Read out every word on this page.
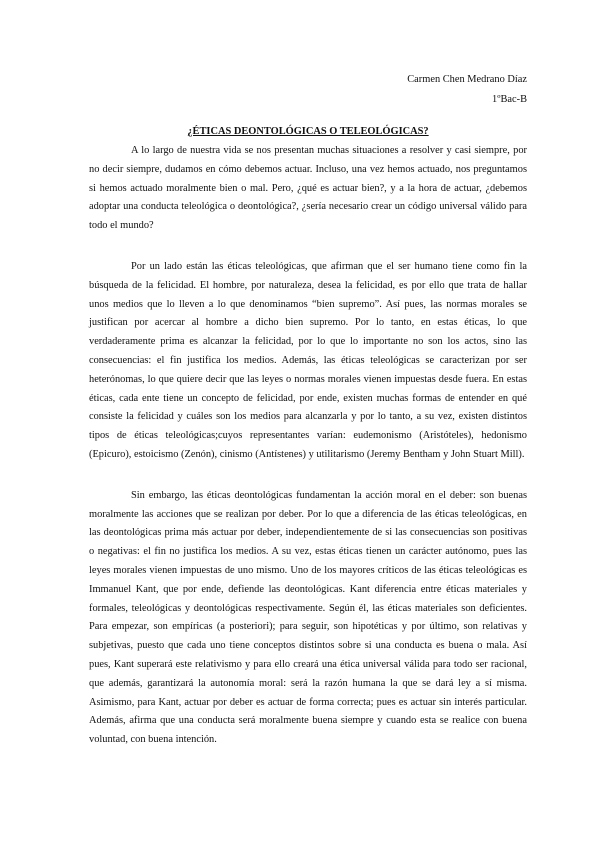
Carmen Chen Medrano Díaz
1ºBac-B
¿ÉTICAS DEONTOLÓGICAS O TELEOLÓGICAS?

A lo largo de nuestra vida se nos presentan muchas situaciones a resolver y casi siempre, por no decir siempre, dudamos en cómo debemos actuar. Incluso, una vez hemos actuado, nos preguntamos si hemos actuado moralmente bien o mal. Pero, ¿qué es actuar bien?, y a la hora de actuar, ¿debemos adoptar una conducta teleológica o deontológica?, ¿sería necesario crear un código universal válido para todo el mundo?

Por un lado están las éticas teleológicas, que afirman que el ser humano tiene como fin la búsqueda de la felicidad. El hombre, por naturaleza, desea la felicidad, es por ello que trata de hallar unos medios que lo lleven a lo que denominamos “bien supremo”. Así pues, las normas morales se justifican por acercar al hombre a dicho bien supremo. Por lo tanto, en estas éticas, lo que verdaderamente prima es alcanzar la felicidad, por lo que lo importante no son los actos, sino las consecuencias: el fin justifica los medios. Además, las éticas teleológicas se caracterizan por ser heterónomas, lo que quiere decir que las leyes o normas morales vienen impuestas desde fuera. En estas éticas, cada ente tiene un concepto de felicidad, por ende, existen muchas formas de entender en qué consiste la felicidad y cuáles son los medios para alcanzarla y por lo tanto, a su vez, existen distintos tipos de éticas teleológicas;cuyos representantes varían: eudemonismo (Aristóteles), hedonismo (Epicuro), estoicismo (Zenón), cinismo (Antístenes) y utilitarismo (Jeremy Bentham y John Stuart Mill).

Sin embargo, las éticas deontológicas fundamentan la acción moral en el deber: son buenas moralmente las acciones que se realizan por deber. Por lo que a diferencia de las éticas teleológicas, en las deontológicas prima más actuar por deber, independientemente de si las consecuencias son positivas o negativas: el fin no justifica los medios. A su vez, estas éticas tienen un carácter autónomo, pues las leyes morales vienen impuestas de uno mismo. Uno de los mayores críticos de las éticas teleológicas es Immanuel Kant, que por ende, defiende las deontológicas. Kant diferencia entre éticas materiales y formales, teleológicas y deontológicas respectivamente. Según él, las éticas materiales son deficientes. Para empezar, son empíricas (a posteriori); para seguir, son hipotéticas y por último, son relativas y subjetivas, puesto que cada uno tiene conceptos distintos sobre si una conducta es buena o mala. Así pues, Kant superará este relativismo y para ello creará una ética universal válida para todo ser racional, que además, garantizará la autonomía moral: será la razón humana la que se dará ley a sí misma. Asimismo, para Kant, actuar por deber es actuar de forma correcta; pues es actuar sin interés particular. Además, afirma que una conducta será moralmente buena siempre y cuando esta se realice con buena voluntad, con buena intención.
